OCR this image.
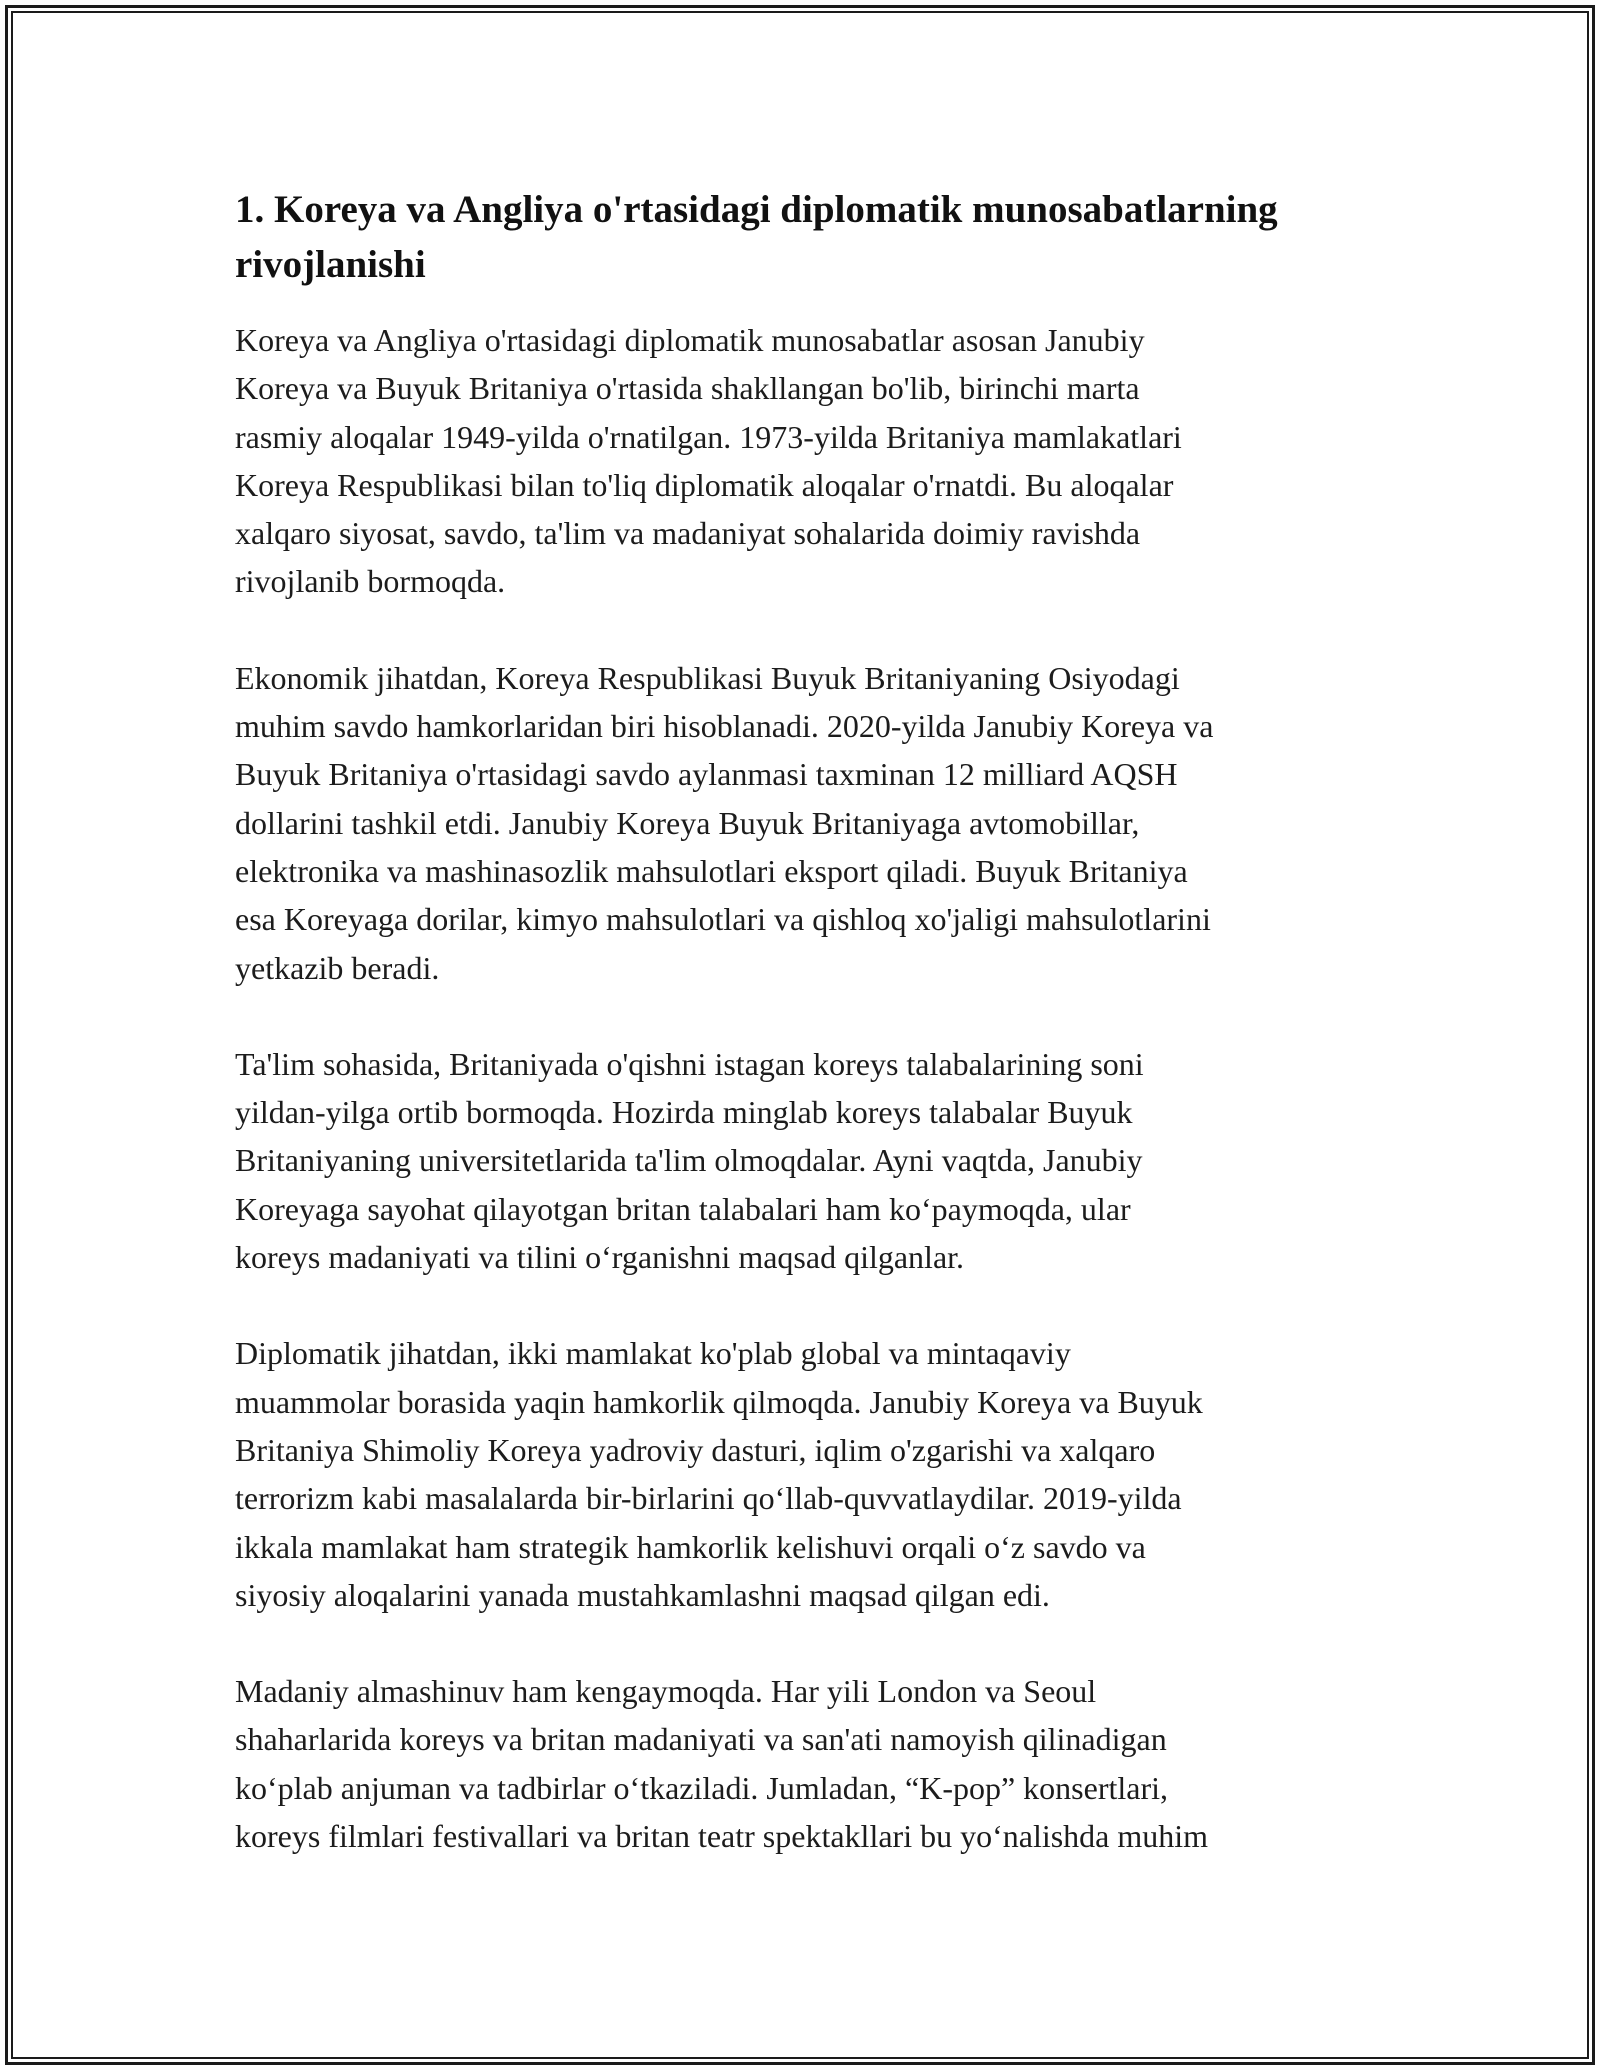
1. Koreya va Angliya o'rtasidagi diplomatik munosabatlarning
rivojlanishi

Koreya va Angliya o'rtasidagi diplomatik munosabatlar asosan Janubiy
Koreya va Buyuk Britaniya o'rtasida shakllangan bo'lib, birinchi marta
rasmiy aloqalar 1949-yilda o'rnatilgan. 1973-yilda Britaniya mamlakatlari
Koreya Respublikasi bilan to'liq diplomatik aloqalar o'rnatdi. Bu aloqalar
xalqaro siyosat, savdo, ta'lim va madaniyat sohalarida doimiy ravishda
rivojlanib bormoqda.

Ekonomik jihatdan, Koreya Respublikasi Buyuk Britaniyaning Osiyodagi
muhim savdo hamkorlaridan biri hisoblanadi. 2020-yilda Janubiy Koreya va
Buyuk Britaniya o'rtasidagi savdo aylanmasi taxminan 12 milliard AQSH
dollarini tashkil etdi. Janubiy Koreya Buyuk Britaniyaga avtomobillar,
elektronika va mashinasozlik mahsulotlari eksport qiladi. Buyuk Britaniya
esa Koreyaga dorilar, kimyo mahsulotlari va qishloq xo'jaligi mahsulotlarini
yetkazib beradi.

Ta'lim sohasida, Britaniyada o'qishni istagan koreys talabalarining soni
yildan-yilga ortib bormoqda. Hozirda minglab koreys talabalar Buyuk
Britaniyaning universitetlarida ta'lim olmoqdalar. Ayni vaqtda, Janubiy
Koreyaga sayohat qilayotgan britan talabalari ham ko‘paymoqda, ular
koreys madaniyati va tilini o‘rganishni maqsad qilganlar.

Diplomatik jihatdan, ikki mamlakat ko'plab global va mintaqaviy
muammolar borasida yaqin hamkorlik qilmoqda. Janubiy Koreya va Buyuk
Britaniya Shimoliy Koreya yadroviy dasturi, iqlim o'zgarishi va xalqaro
terrorizm kabi masalalarda bir-birlarini qo‘llab-quvvatlaydilar. 2019-yilda
ikkala mamlakat ham strategik hamkorlik kelishuvi orqali o‘z savdo va
siyosiy aloqalarini yanada mustahkamlashni maqsad qilgan edi.

Madaniy almashinuv ham kengaymoqda. Har yili London va Seoul
shaharlarida koreys va britan madaniyati va san'ati namoyish qilinadigan
ko‘plab anjuman va tadbirlar o‘tkaziladi. Jumladan, “K-pop” konsertlari,
koreys filmlari festivallari va britan teatr spektakllari bu yo‘nalishda muhim
